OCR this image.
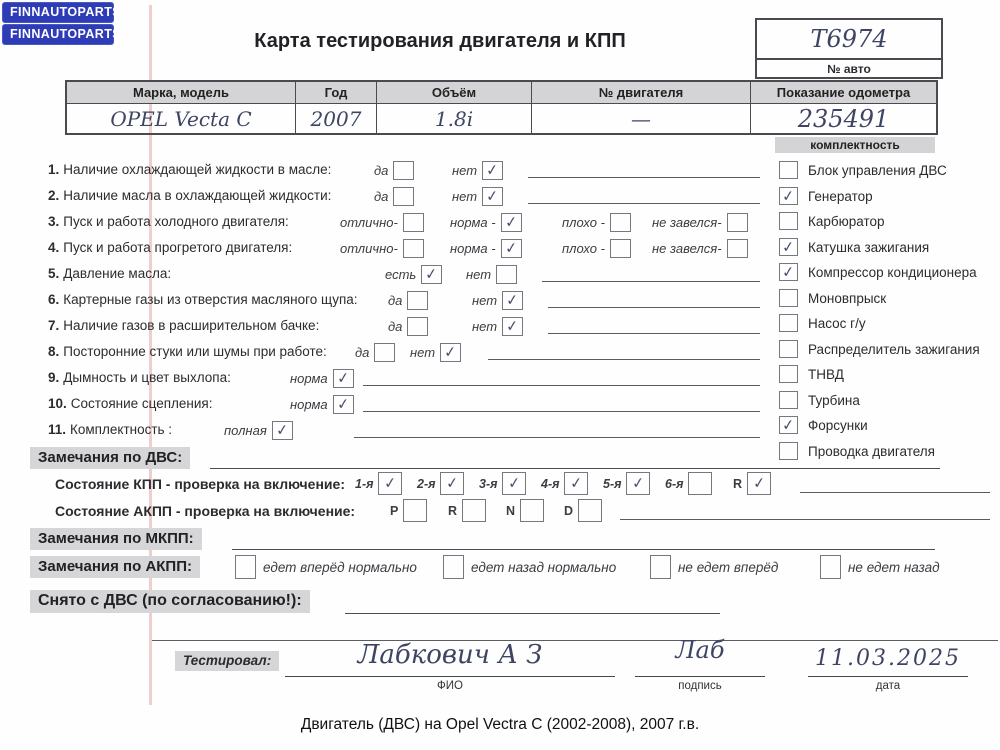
FINNAUTOPARTS
FINNAUTOPARTS	Карта тестирования двигателя и КПП	T6974
№ авто
Марка, модель	Год	Объём	№ двигателя	Показание одометра
OPEL Vecta C	2007	1.8i	—	235491
1. Наличие охлаждающей жидкости в масле:	да	нет ✓
2. Наличие масла в охлаждающей жидкости:	да	нет ✓
3. Пуск и работа холодного двигателя:	отлично-	норма - ✓	плохо -	не завелся-
4. Пуск и работа прогретого двигателя:	отлично-	норма - ✓	плохо -	не завелся-
5. Давление масла:	есть ✓ нет
6. Картерные газы из отверстия масляного щупа: да	нет ✓
7. Наличие газов в расширительном бачке:	да	нет ✓
8. Посторонние стуки или шумы при работе: да	нет ✓
9. Дымность и цвет выхлопа:	норма ✓
10. Состояние сцепления:	норма ✓
11. Комплектность :	полная ✓
комплектность
Блок управления ДВС
✓ Генератор
Карбюратор
✓ Катушка зажигания
✓ Компрессор кондиционера
Моновпрыск
Насос г/у
Распределитель зажигания
ТНВД
Турбина
✓ Форсунки
Проводка двигателя
Замечания по ДВС:
Состояние КПП - проверка на включение: 1-я ✓ 2-я ✓ 3-я ✓ 4-я ✓ 5-я ✓ 6-я	R ✓
Состояние АКПП - проверка на включение:	P	R	N	D
Замечания по МКПП:
Замечания по АКПП:	едет вперёд нормально	едет назад нормально	не едет вперёд	не едет назад
Снято с ДВС (по согласованию!):
Тестировал:	Лабкович А З
ФИО
Лаб
подпись
11.03.2025
дата
Двигатель (ДВС) на Opel Vectra C (2002-2008), 2007 г.в.
